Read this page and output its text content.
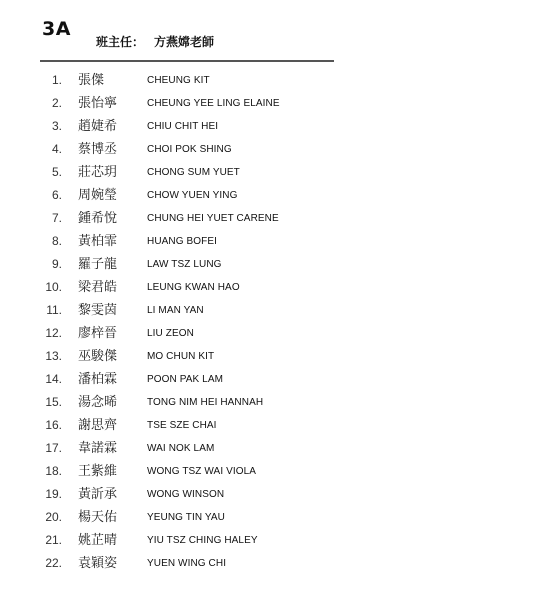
3A
班主任： 方燕嫦老師
1. 張傑	CHEUNG KIT
2. 張怡寧	CHEUNG YEE LING ELAINE
3. 趙婕希	CHIU CHIT HEI
4. 蔡博丞	CHOI POK SHING
5. 莊芯玥	CHONG SUM YUET
6. 周婉瑩	CHOW YUEN YING
7. 鍾希悅	CHUNG HEI YUET CARENE
8. 黃柏霏	HUANG BOFEI
9. 羅子龍	LAW TSZ LUNG
10. 梁君皓	LEUNG KWAN HAO
11. 黎雯茵	LI MAN YAN
12. 廖梓晉	LIU ZEON
13. 巫駿傑	MO CHUN KIT
14. 潘柏霖	POON PAK LAM
15. 湯念晞	TONG NIM HEI HANNAH
16. 謝思齊	TSE SZE CHAI
17. 韋諾霖	WAI NOK LAM
18. 王紫維	WONG TSZ WAI VIOLA
19. 黃訢承	WONG WINSON
20. 楊天佑	YEUNG TIN YAU
21. 姚芷晴	YIU TSZ CHING HALEY
22. 袁穎姿	YUEN WING CHI
